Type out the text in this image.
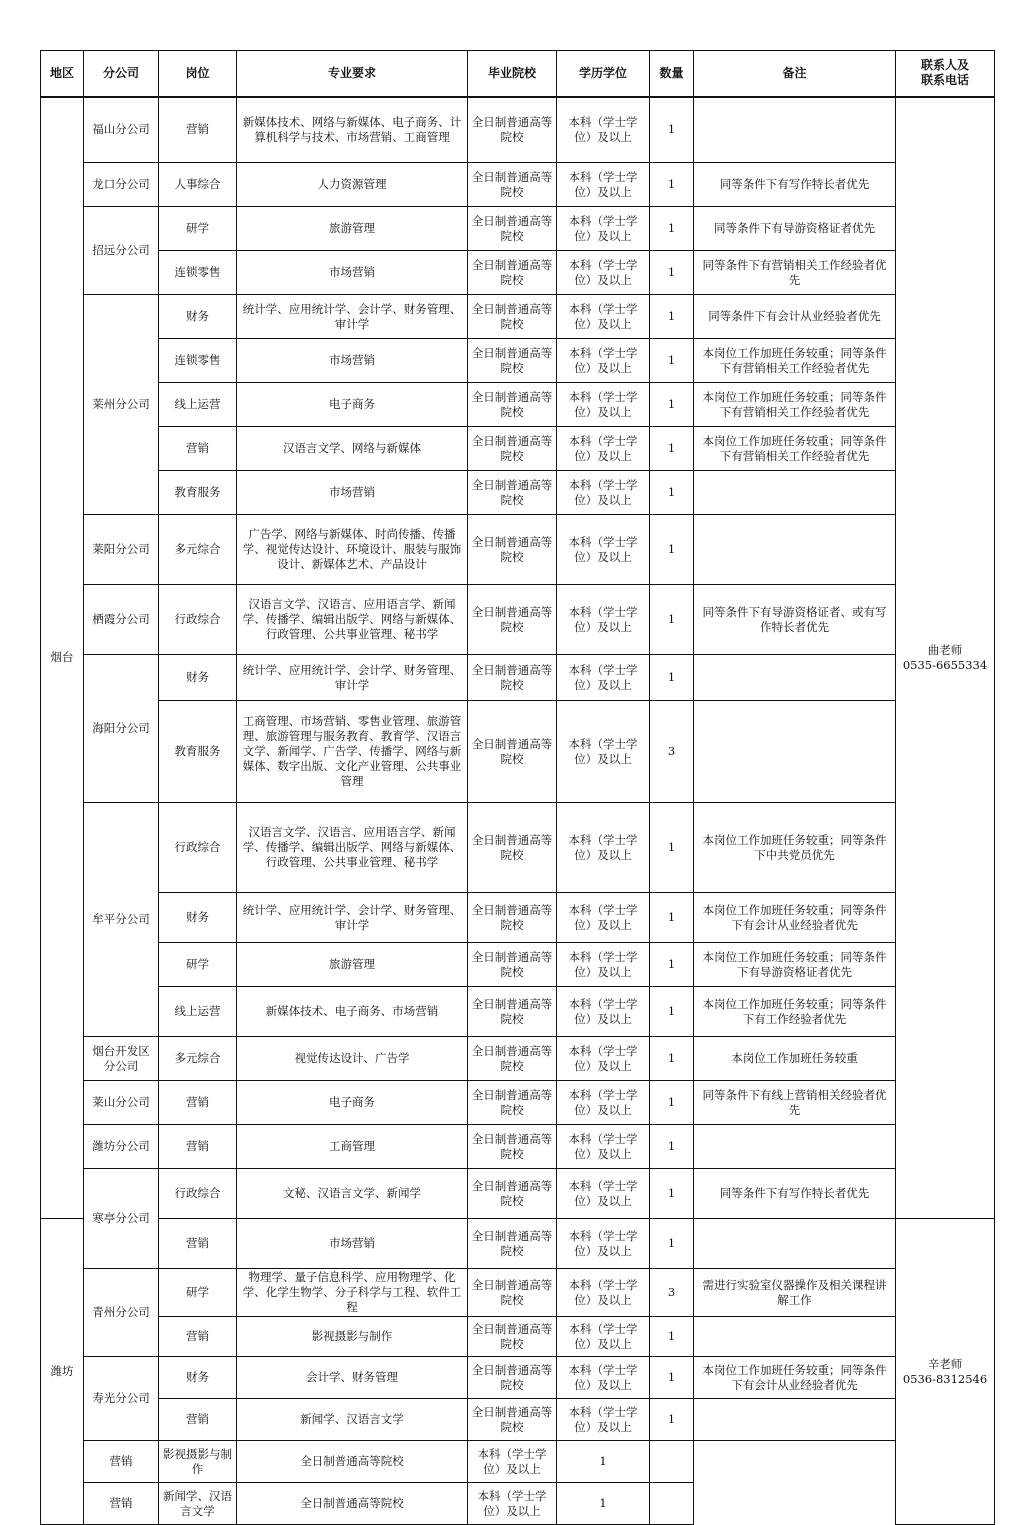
地区	分公司	岗位	专业要求	毕业院校	学历学位	数量	备注	联系人及
联系电话
烟台	福山分公司	营销	新媒体技术、网络与新媒体、电子商务、计算机科学与技术、市场营销、工商管理	全日制普通高等院校	本科（学士学位）及以上	1		曲老师
0535-6655334
	龙口分公司	人事综合	人力资源管理	全日制普通高等院校	本科（学士学位）及以上	1	同等条件下有写作特长者优先	
	招远分公司	研学	旅游管理	全日制普通高等院校	本科（学士学位）及以上	1	同等条件下有导游资格证者优先	
		连锁零售	市场营销	全日制普通高等院校	本科（学士学位）及以上	1	同等条件下有营销相关工作经验者优先	
	莱州分公司	财务	统计学、应用统计学、会计学、财务管理、审计学	全日制普通高等院校	本科（学士学位）及以上	1	同等条件下有会计从业经验者优先	
		连锁零售	市场营销	全日制普通高等院校	本科（学士学位）及以上	1	本岗位工作加班任务较重；同等条件下有营销相关工作经验者优先	
		线上运营	电子商务	全日制普通高等院校	本科（学士学位）及以上	1	本岗位工作加班任务较重；同等条件下有营销相关工作经验者优先	
		营销	汉语言文学、网络与新媒体	全日制普通高等院校	本科（学士学位）及以上	1	本岗位工作加班任务较重；同等条件下有营销相关工作经验者优先	
		教育服务	市场营销	全日制普通高等院校	本科（学士学位）及以上	1		
	莱阳分公司	多元综合	广告学、网络与新媒体、时尚传播、传播学、视觉传达设计、环境设计、服装与服饰设计、新媒体艺术、产品设计	全日制普通高等院校	本科（学士学位）及以上	1		
	栖霞分公司	行政综合	汉语言文学、汉语言、应用语言学、新闻学、传播学、编辑出版学、网络与新媒体、行政管理、公共事业管理、秘书学	全日制普通高等院校	本科（学士学位）及以上	1	同等条件下有导游资格证者、或有写作特长者优先	
	海阳分公司	财务	统计学、应用统计学、会计学、财务管理、审计学	全日制普通高等院校	本科（学士学位）及以上	1		
		教育服务	工商管理、市场营销、零售业管理、旅游管理、旅游管理与服务教育、教育学、汉语言文学、新闻学、广告学、传播学、网络与新媒体、数字出版、文化产业管理、公共事业管理	全日制普通高等院校	本科（学士学位）及以上	3		
	牟平分公司	行政综合	汉语言文学、汉语言、应用语言学、新闻学、传播学、编辑出版学、网络与新媒体、行政管理、公共事业管理、秘书学	全日制普通高等院校	本科（学士学位）及以上	1	本岗位工作加班任务较重；同等条件下中共党员优先	
		财务	统计学、应用统计学、会计学、财务管理、审计学	全日制普通高等院校	本科（学士学位）及以上	1	本岗位工作加班任务较重；同等条件下有会计从业经验者优先	
		研学	旅游管理	全日制普通高等院校	本科（学士学位）及以上	1	本岗位工作加班任务较重；同等条件下有导游资格证者优先	
		线上运营	新媒体技术、电子商务、市场营销	全日制普通高等院校	本科（学士学位）及以上	1	本岗位工作加班任务较重；同等条件下有工作经验者优先	
	烟台开发区分公司	多元综合	视觉传达设计、广告学	全日制普通高等院校	本科（学士学位）及以上	1	本岗位工作加班任务较重	
	莱山分公司	营销	电子商务	全日制普通高等院校	本科（学士学位）及以上	1	同等条件下有线上营销相关经验者优先	
	潍坊分公司	营销	工商管理	全日制普通高等院校	本科（学士学位）及以上	1		
	寒亭分公司	行政综合	文秘、汉语言文学、新闻学	全日制普通高等院校	本科（学士学位）及以上	1	同等条件下有写作特长者优先	
潍坊		营销	市场营销	全日制普通高等院校	本科（学士学位）及以上	1		辛老师
0536-8312546
	青州分公司	研学	物理学、量子信息科学、应用物理学、化学、化学生物学、分子科学与工程、软件工程	全日制普通高等院校	本科（学士学位）及以上	3	需进行实验室仪器操作及相关课程讲解工作	
		营销	影视摄影与制作	全日制普通高等院校	本科（学士学位）及以上	1		
	寿光分公司	财务	会计学、财务管理	全日制普通高等院校	本科（学士学位）及以上	1	本岗位工作加班任务较重；同等条件下有会计从业经验者优先	
		营销	新闻学、汉语言文学	全日制普通高等院校	本科（学士学位）及以上	1		
	营销	影视摄影与制作	全日制普通高等院校	本科（学士学位）及以上	1			
	营销	新闻学、汉语言文学	全日制普通高等院校	本科（学士学位）及以上	1			
